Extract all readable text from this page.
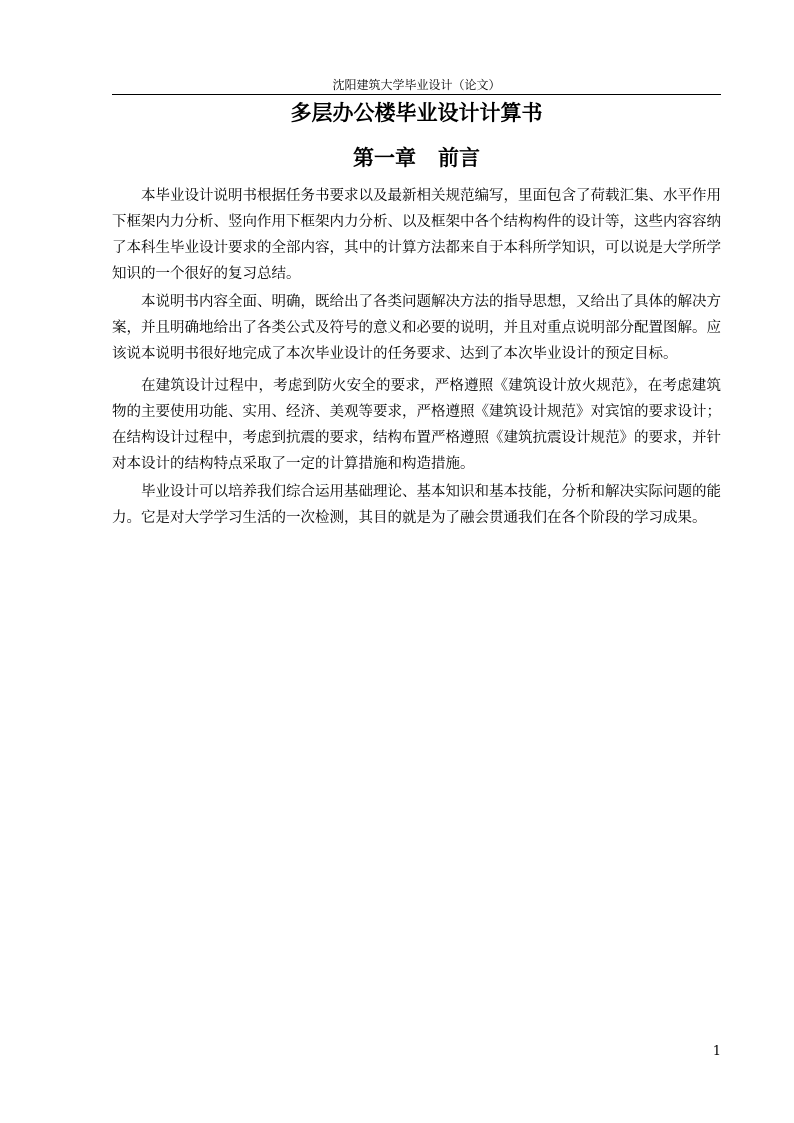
沈阳建筑大学毕业设计（论文）
多层办公楼毕业设计计算书
第一章   前言

本毕业设计说明书根据任务书要求以及最新相关规范编写，里面包含了荷载汇集、水平作用下框架内力分析、竖向作用下框架内力分析、以及框架中各个结构构件的设计等，这些内容容纳了本科生毕业设计要求的全部内容，其中的计算方法都来自于本科所学知识，可以说是大学所学知识的一个很好的复习总结。

本说明书内容全面、明确，既给出了各类问题解决方法的指导思想，又给出了具体的解决方案，并且明确地给出了各类公式及符号的意义和必要的说明，并且对重点说明部分配置图解。应该说本说明书很好地完成了本次毕业设计的任务要求、达到了本次毕业设计的预定目标。

在建筑设计过程中，考虑到防火安全的要求，严格遵照《建筑设计放火规范》，在考虑建筑物的主要使用功能、实用、经济、美观等要求，严格遵照《建筑设计规范》对宾馆的要求设计；在结构设计过程中，考虑到抗震的要求，结构布置严格遵照《建筑抗震设计规范》的要求，并针对本设计的结构特点采取了一定的计算措施和构造措施。

毕业设计可以培养我们综合运用基础理论、基本知识和基本技能，分析和解决实际问题的能力。它是对大学学习生活的一次检测，其目的就是为了融会贯通我们在各个阶段的学习成果。

1
